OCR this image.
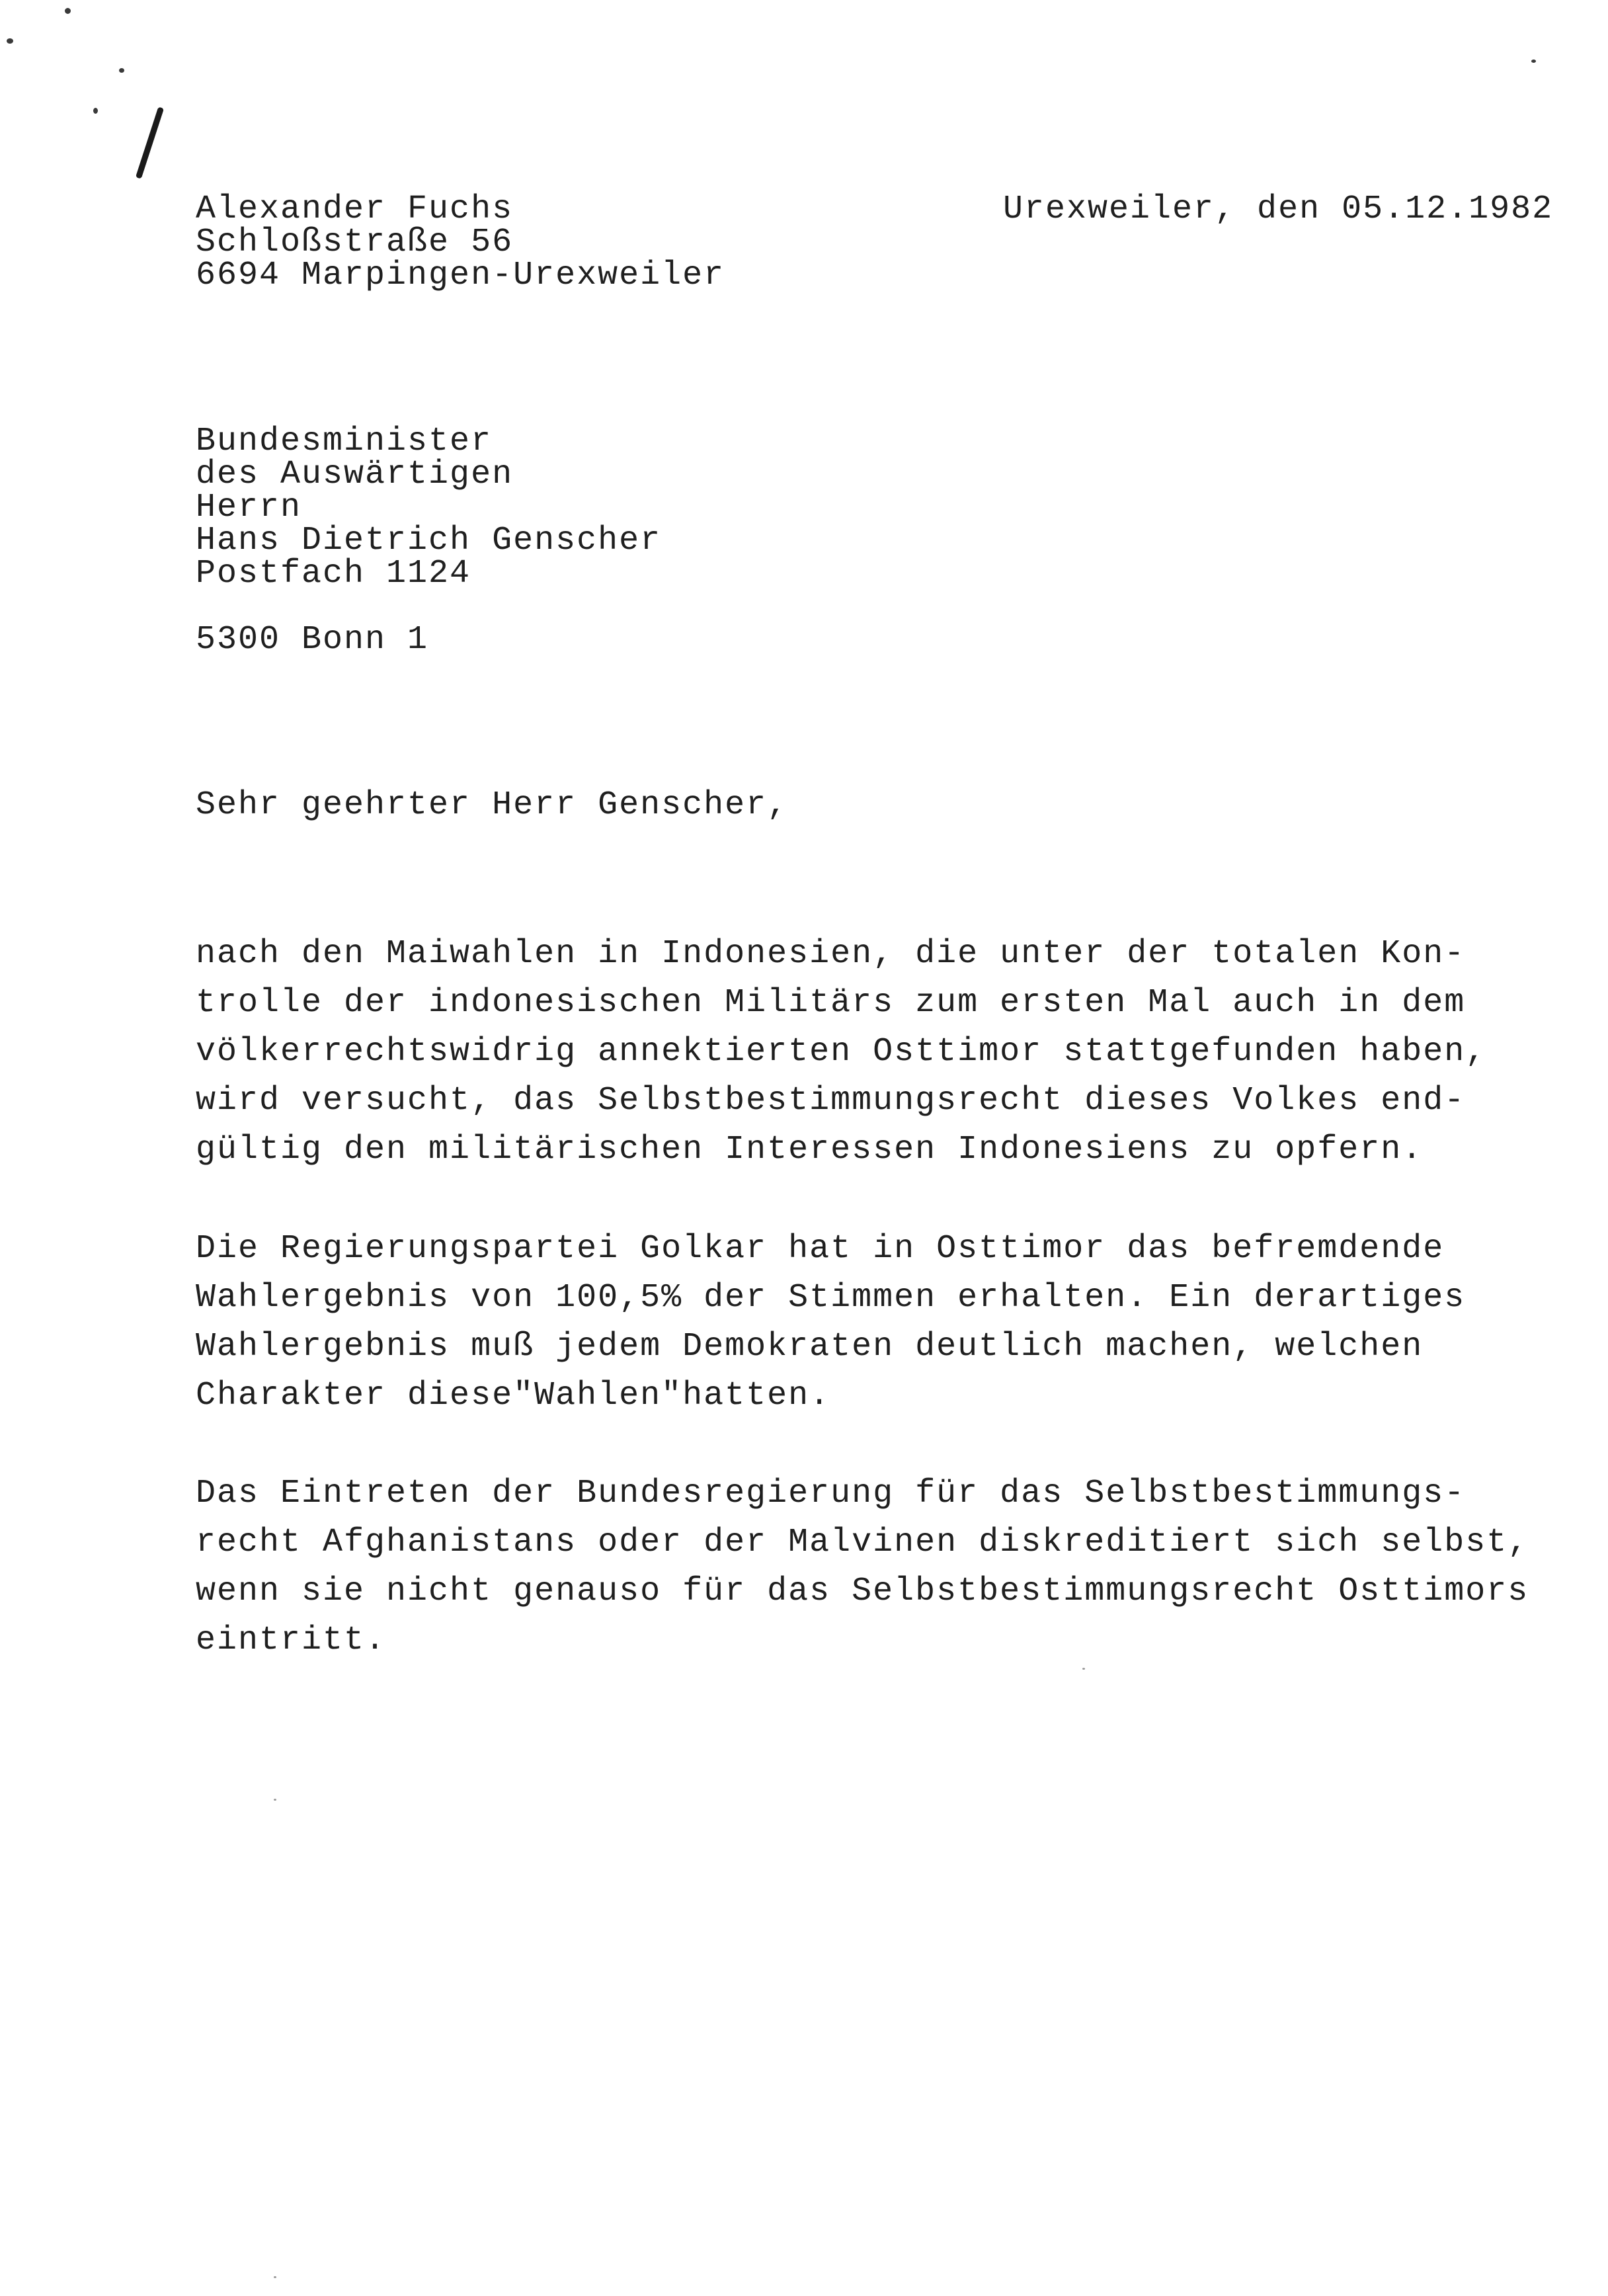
Alexander Fuchs
Schloßstraße 56
6694 Marpingen-Urexweiler
Urexweiler, den 05.12.1982
Bundesminister
des Auswärtigen
Herrn
Hans Dietrich Genscher
Postfach 1124
5300 Bonn 1
Sehr geehrter Herr Genscher,
nach den Maiwahlen in Indonesien, die unter der totalen Kon-
trolle der indonesischen Militärs zum ersten Mal auch in dem
völkerrechtswidrig annektierten Osttimor stattgefunden haben,
wird versucht, das Selbstbestimmungsrecht dieses Volkes end-
gültig den militärischen Interessen Indonesiens zu opfern.
Die Regierungspartei Golkar hat in Osttimor das befremdende
Wahlergebnis von 100,5% der Stimmen erhalten. Ein derartiges
Wahlergebnis muß jedem Demokraten deutlich machen, welchen
Charakter diese"Wahlen"hatten.
Das Eintreten der Bundesregierung für das Selbstbestimmungs-
recht Afghanistans oder der Malvinen diskreditiert sich selbst,
wenn sie nicht genauso für das Selbstbestimmungsrecht Osttimors
eintritt.
